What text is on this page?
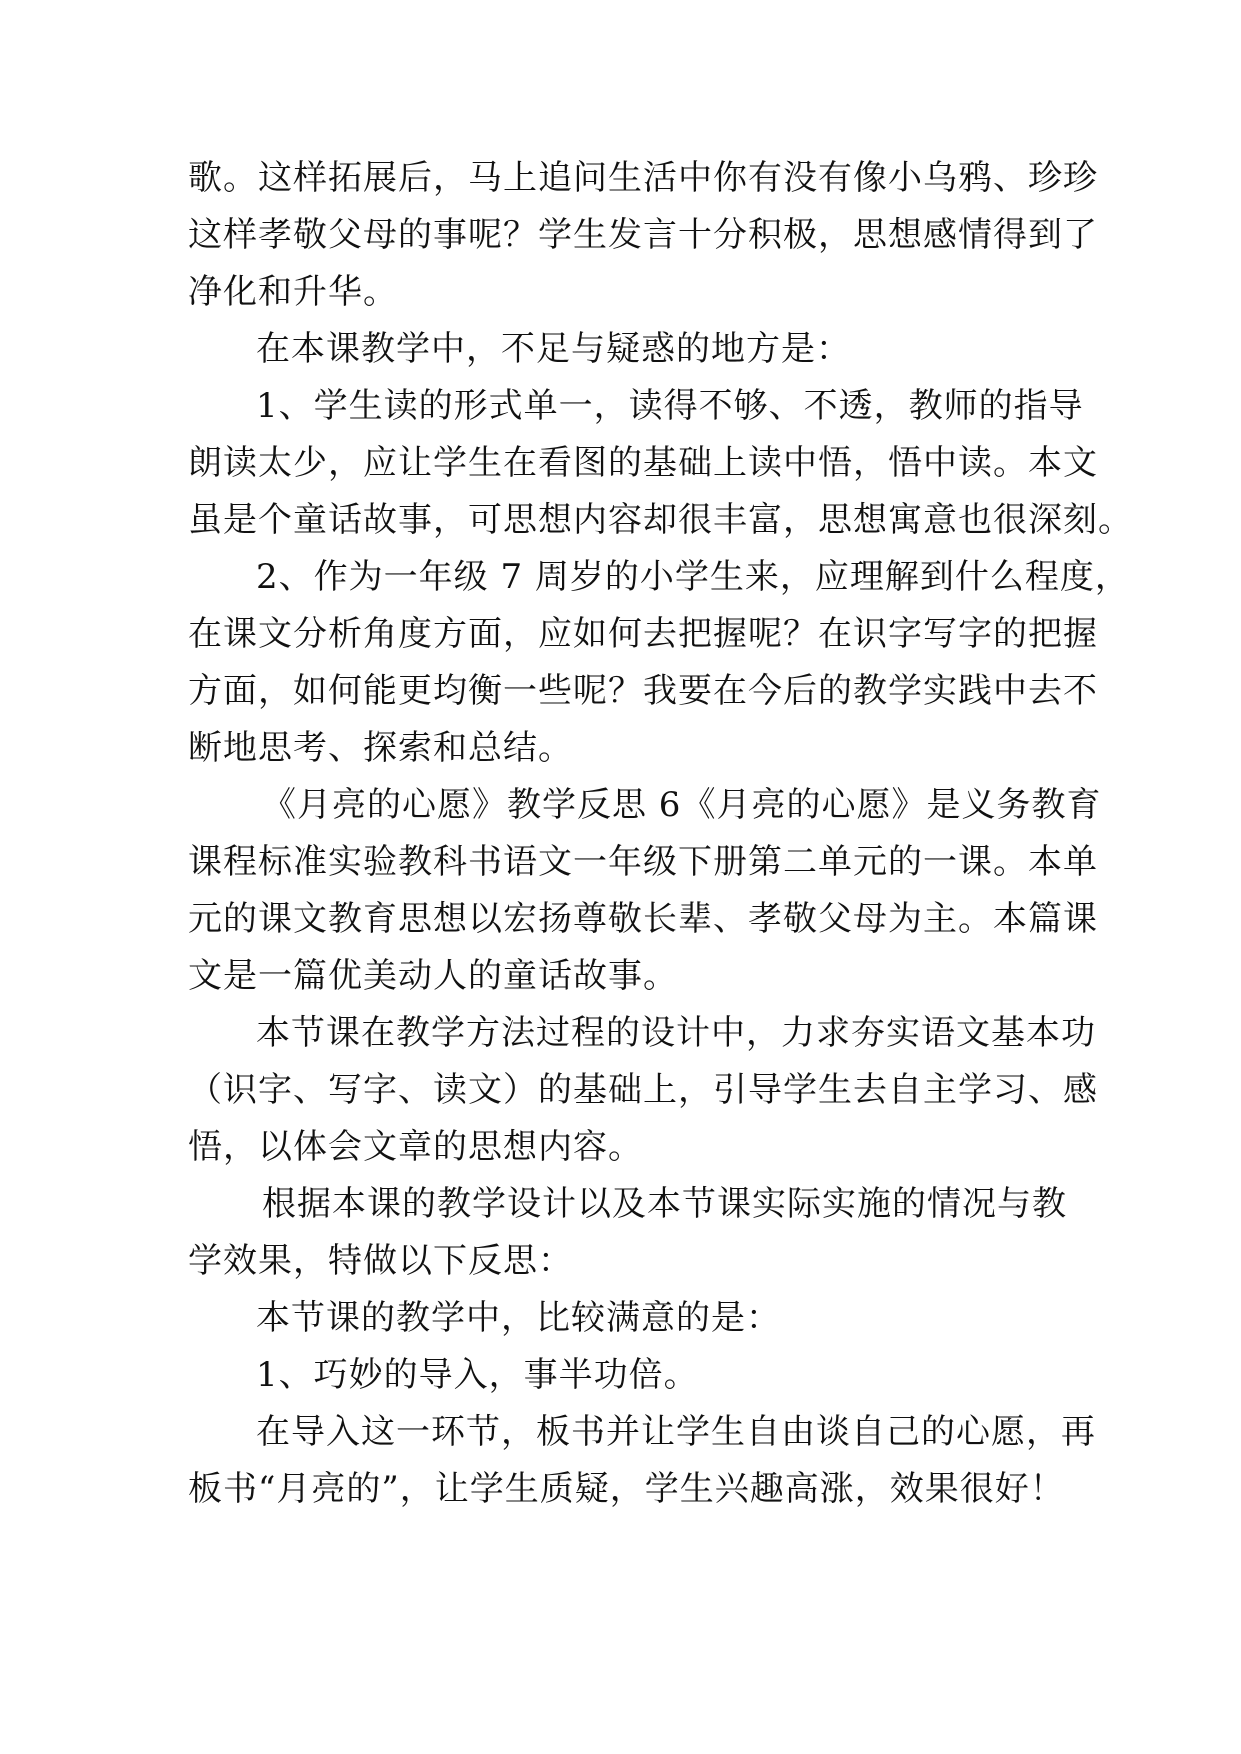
歌。这样拓展后，马上追问生活中你有没有像小乌鸦、珍珍
这样孝敬父母的事呢？学生发言十分积极，思想感情得到了
净化和升华。
在本课教学中，不足与疑惑的地方是：
1、学生读的形式单一，读得不够、不透，教师的指导
朗读太少，应让学生在看图的基础上读中悟，悟中读。本文
虽是个童话故事，可思想内容却很丰富，思想寓意也很深刻。
2、作为一年级 7 周岁的小学生来，应理解到什么程度，
在课文分析角度方面，应如何去把握呢？在识字写字的把握
方面，如何能更均衡一些呢？我要在今后的教学实践中去不
断地思考、探索和总结。
《月亮的心愿》教学反思 6《月亮的心愿》是义务教育
课程标准实验教科书语文一年级下册第二单元的一课。本单
元的课文教育思想以宏扬尊敬长辈、孝敬父母为主。本篇课
文是一篇优美动人的童话故事。
本节课在教学方法过程的设计中，力求夯实语文基本功
（识字、写字、读文）的基础上，引导学生去自主学习、感
悟，以体会文章的思想内容。
根据本课的教学设计以及本节课实际实施的情况与教
学效果，特做以下反思：
本节课的教学中，比较满意的是：
1、巧妙的导入，事半功倍。
在导入这一环节，板书并让学生自由谈自己的心愿，再
板书“月亮的”，让学生质疑，学生兴趣高涨，效果很好！
